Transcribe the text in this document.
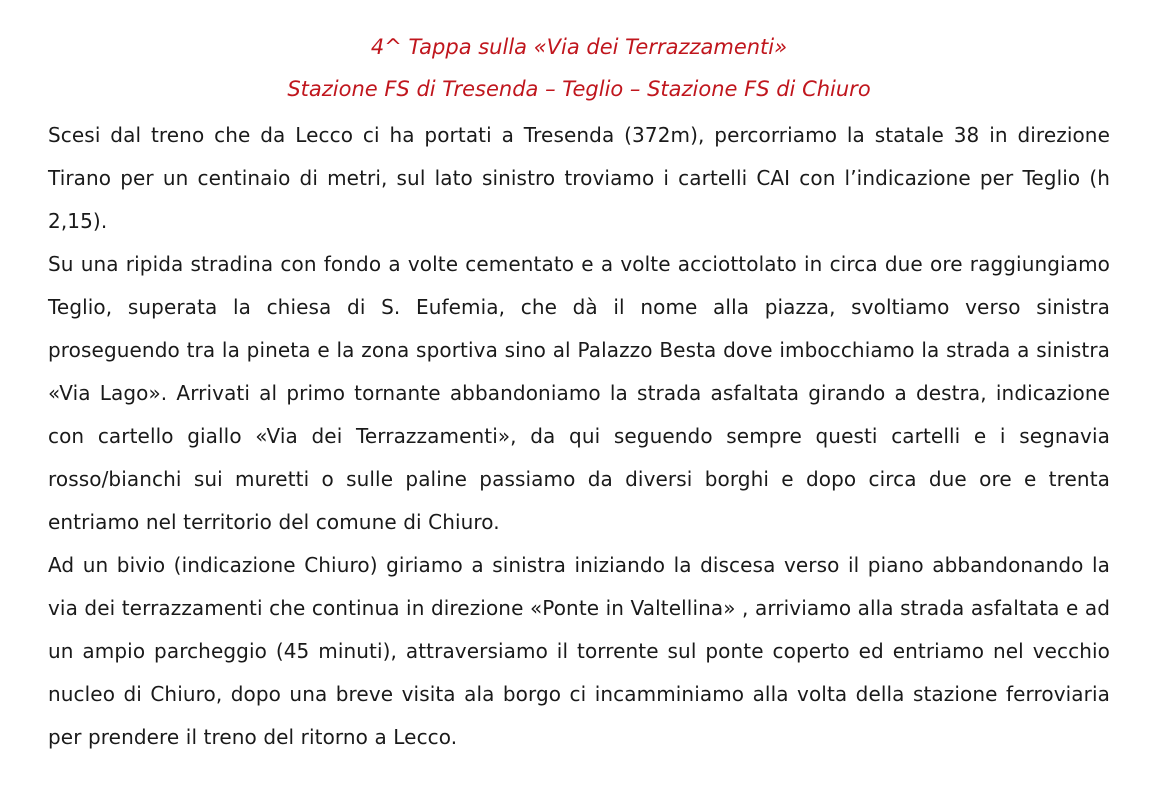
4^ Tappa sulla «Via dei Terrazzamenti»
Stazione FS di Tresenda – Teglio – Stazione FS di Chiuro

Scesi dal treno che da Lecco ci ha portati a Tresenda (372m), percorriamo la statale 38 in direzione Tirano per un centinaio di metri, sul lato sinistro troviamo i cartelli CAI con l’indicazione per Teglio (h 2,15).

Su una ripida stradina con fondo a volte cementato e a volte acciottolato in circa due ore raggiungiamo Teglio, superata la chiesa di S. Eufemia, che dà il nome alla piazza, svoltiamo verso sinistra proseguendo tra la pineta e la zona sportiva sino al Palazzo Besta dove imbocchiamo la strada a sinistra «Via Lago». Arrivati al primo tornante abbandoniamo la strada asfaltata girando a destra, indicazione con cartello giallo «Via dei Terrazzamenti», da qui seguendo sempre questi cartelli e i segnavia rosso/bianchi sui muretti o sulle paline passiamo da diversi borghi e dopo circa due ore e trenta entriamo nel territorio del comune di Chiuro.

Ad un bivio (indicazione Chiuro) giriamo a sinistra iniziando la discesa verso il piano abbandonando la via dei terrazzamenti che continua in direzione «Ponte in Valtellina» , arriviamo alla strada asfaltata e ad un ampio parcheggio (45 minuti), attraversiamo il torrente sul ponte coperto ed entriamo nel vecchio nucleo di Chiuro, dopo una breve visita ala borgo ci incamminiamo alla volta della stazione ferroviaria per prendere il treno del ritorno a Lecco.
